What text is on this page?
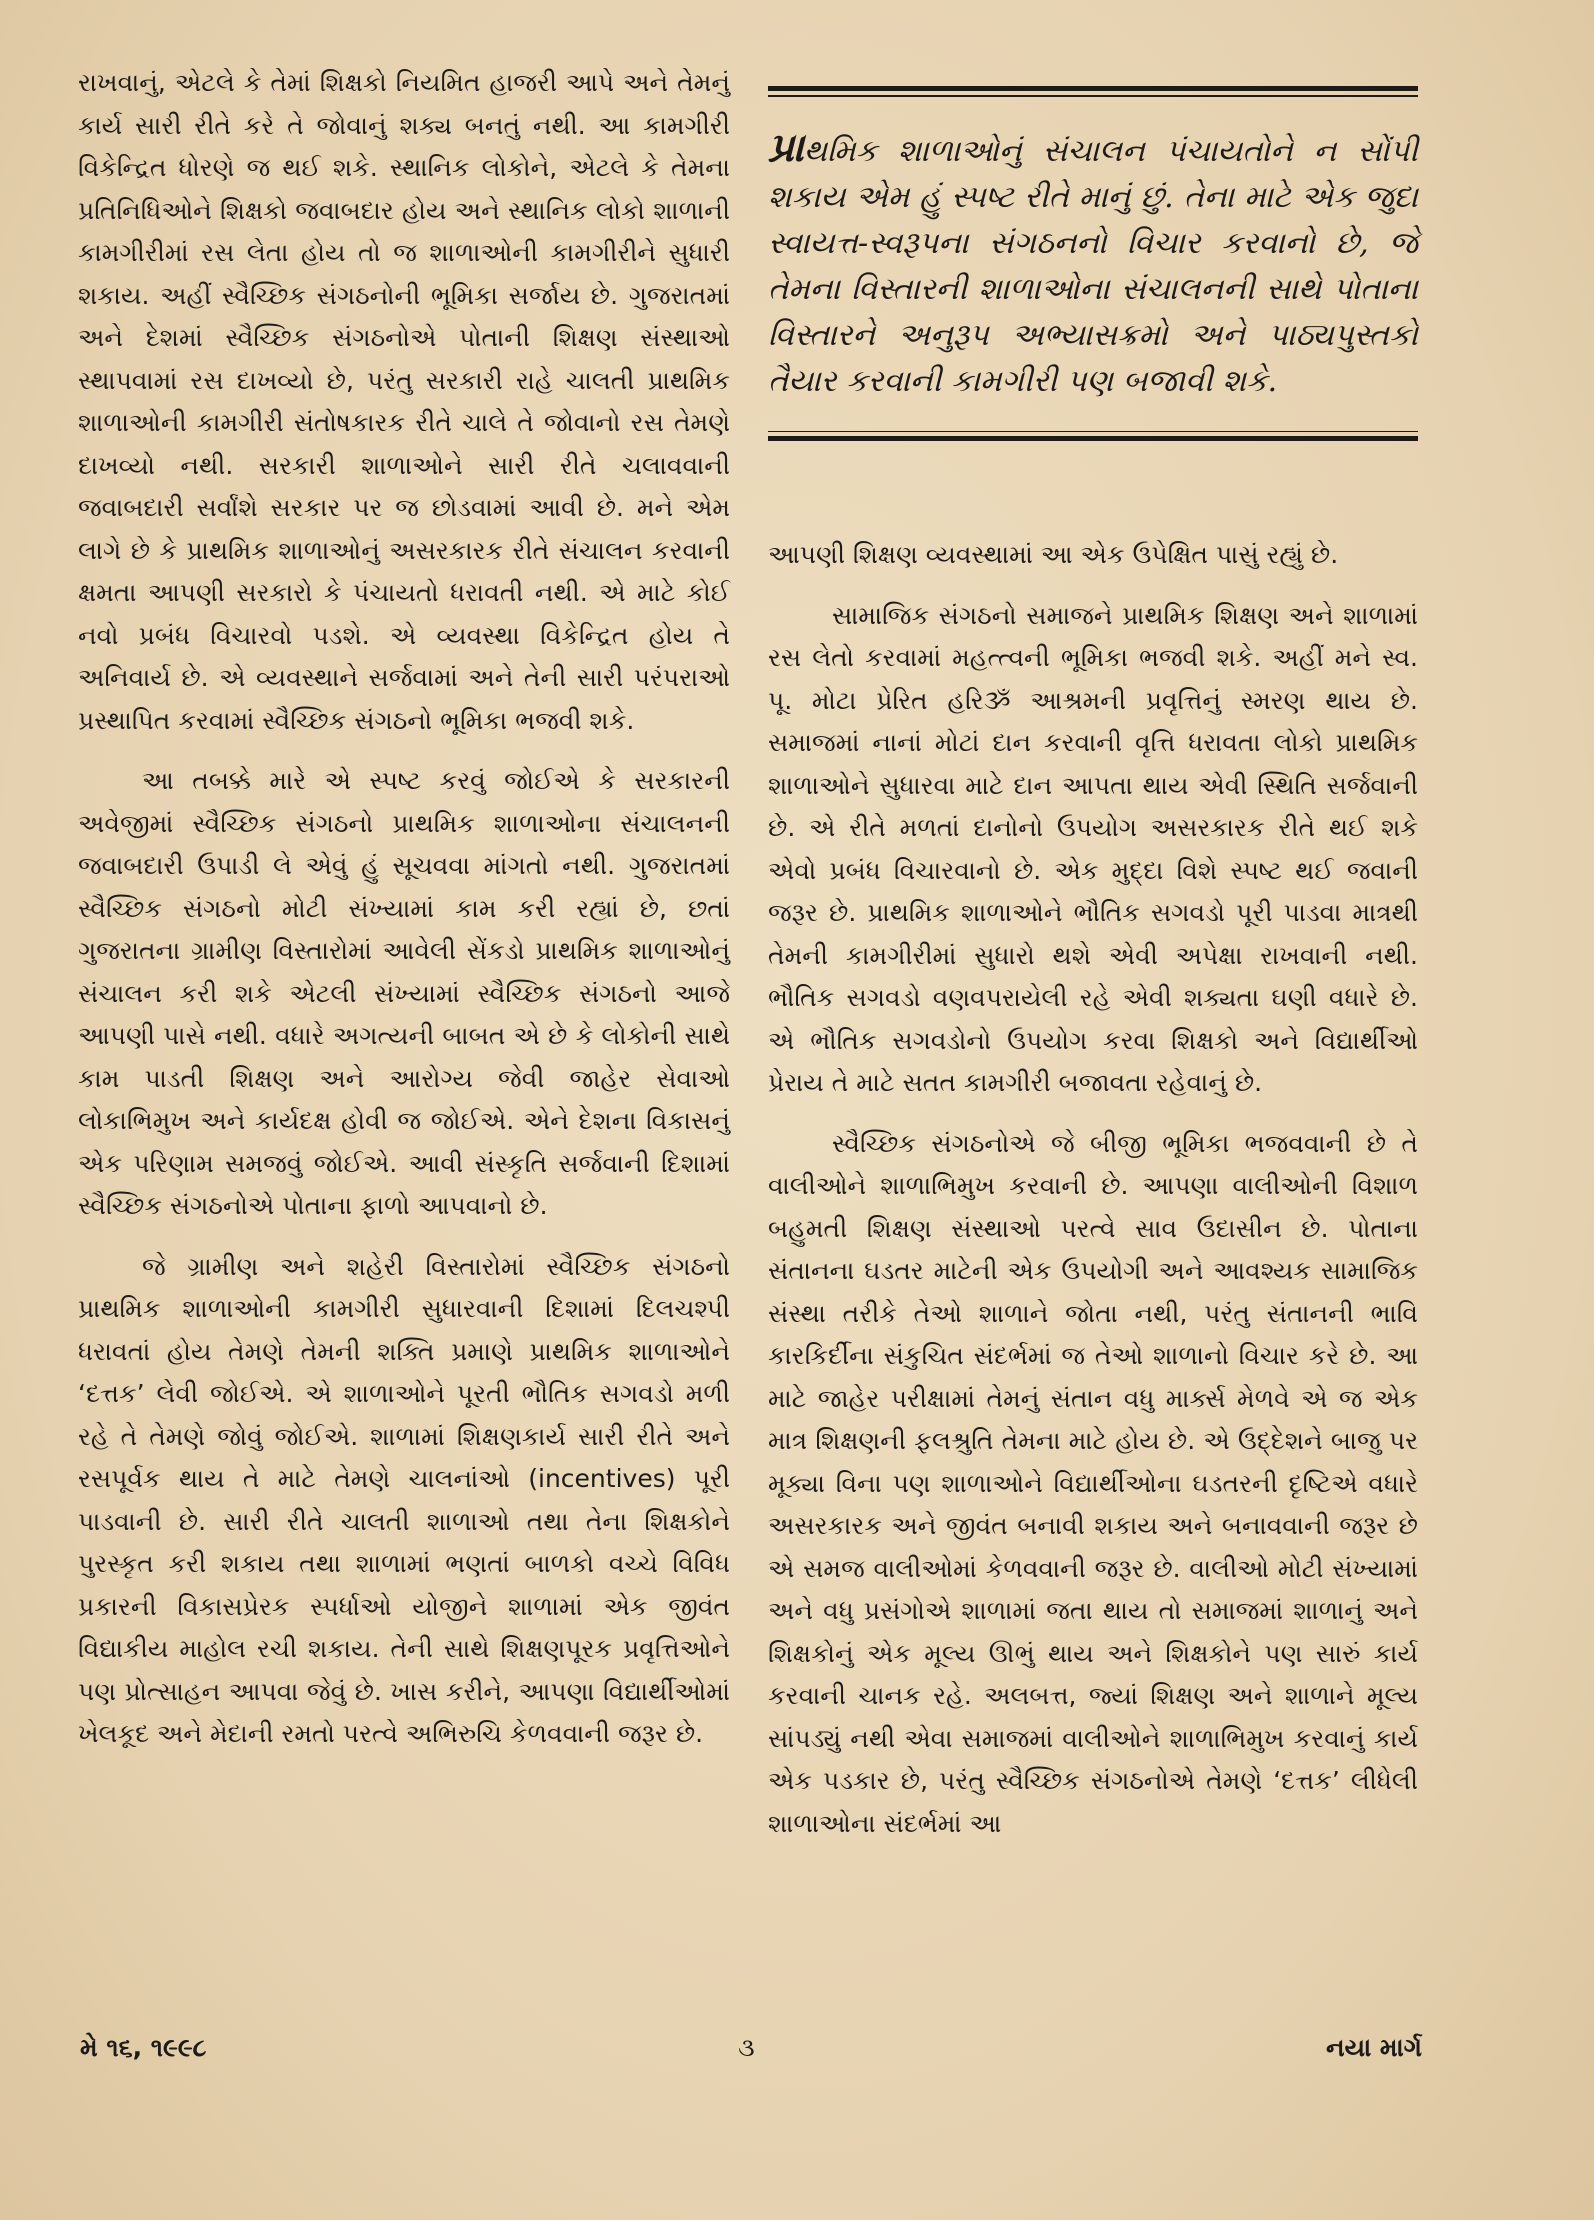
રાખવાનું, એટલે કે તેમાં શિક્ષકો નિયમિત હાજરી આપે અને તેમનું કાર્ય સારી રીતે કરે તે જોવાનું શક્ય બનતું નથી. આ કામગીરી વિકેન્દ્રિત ધોરણે જ થઈ શકે. સ્થાનિક લોકોને, એટલે કે તેમના પ્રતિનિધિઓને શિક્ષકો જવાબદાર હોય અને સ્થાનિક લોકો શાળાની કામગીરીમાં રસ લેતા હોય તો જ શાળાઓની કામગીરીને સુધારી શકાય. અહીં સ્વૈચ્છિક સંગઠનોની ભૂમિકા સર્જાય છે. ગુજરાતમાં અને દેશમાં સ્વૈચ્છિક સંગઠનોએ પોતાની શિક્ષણ સંસ્થાઓ સ્થાપવામાં રસ દાખવ્યો છે, પરંતુ સરકારી રાહે ચાલતી પ્રાથમિક શાળાઓની કામગીરી સંતોષકારક રીતે ચાલે તે જોવાનો રસ તેમણે દાખવ્યો નથી. સરકારી શાળાઓને સારી રીતે ચલાવવાની જવાબદારી સર્વાંશે સરકાર પર જ છોડવામાં આવી છે. મને એમ લાગે છે કે પ્રાથમિક શાળાઓનું અસરકારક રીતે સંચાલન કરવાની ક્ષમતા આપણી સરકારો કે પંચાયતો ધરાવતી નથી. એ માટે કોઈ નવો પ્રબંધ વિચારવો પડશે. એ વ્યવસ્થા વિકેન્દ્રિત હોય તે અનિવાર્ય છે. એ વ્યવસ્થાને સર્જવામાં અને તેની સારી પરંપરાઓ પ્રસ્થાપિત કરવામાં સ્વૈચ્છિક સંગઠનો ભૂમિકા ભજવી શકે.

આ તબક્કે મારે એ સ્પષ્ટ કરવું જોઈએ કે સરકારની અવેજીમાં સ્વૈચ્છિક સંગઠનો પ્રાથમિક શાળાઓના સંચાલનની જવાબદારી ઉપાડી લે એવું હું સૂચવવા માંગતો નથી. ગુજરાતમાં સ્વૈચ્છિક સંગઠનો મોટી સંખ્યામાં કામ કરી રહ્યાં છે, છતાં ગુજરાતના ગ્રામીણ વિસ્તારોમાં આવેલી સેંકડો પ્રાથમિક શાળાઓનું સંચાલન કરી શકે એટલી સંખ્યામાં સ્વૈચ્છિક સંગઠનો આજે આપણી પાસે નથી. વધારે અગત્યની બાબત એ છે કે લોકોની સાથે કામ પાડતી શિક્ષણ અને આરોગ્ય જેવી જાહેર સેવાઓ લોકાભિમુખ અને કાર્યદક્ષ હોવી જ જોઈએ. એને દેશના વિકાસનું એક પરિણામ સમજવું જોઈએ. આવી સંસ્કૃતિ સર્જવાની દિશામાં સ્વૈચ્છિક સંગઠનોએ પોતાના ફાળો આપવાનો છે.

જે ગ્રામીણ અને શહેરી વિસ્તારોમાં સ્વૈચ્છિક સંગઠનો પ્રાથમિક શાળાઓની કામગીરી સુધારવાની દિશામાં દિલચશ્પી ધરાવતાં હોય તેમણે તેમની શક્તિ પ્રમાણે પ્રાથમિક શાળાઓને ‘દત્તક’ લેવી જોઈએ. એ શાળાઓને પૂરતી ભૌતિક સગવડો મળી રહે તે તેમણે જોવું જોઈએ. શાળામાં શિક્ષણકાર્ય સારી રીતે અને રસપૂર્વક થાય તે માટે તેમણે ચાલનાંઓ (incentives) પૂરી પાડવાની છે. સારી રીતે ચાલતી શાળાઓ તથા તેના શિક્ષકોને પુરસ્કૃત કરી શકાય તથા શાળામાં ભણતાં બાળકો વચ્ચે વિવિધ પ્રકારની વિકાસપ્રેરક સ્પર્ધાઓ યોજીને શાળામાં એક જીવંત વિદ્યાકીય માહોલ રચી શકાય. તેની સાથે શિક્ષણપૂરક પ્રવૃત્તિઓને પણ પ્રોત્સાહન આપવા જેવું છે. ખાસ કરીને, આપણા વિદ્યાર્થીઓમાં ખેલકૂદ અને મેદાની રમતો પરત્વે અભિરુચિ કેળવવાની જરૂર છે.

પ્રાથમિક શાળાઓનું સંચાલન પંચાયતોને ન સોંપી શકાય એમ હું સ્પષ્ટ રીતે માનું છું. તેના માટે એક જુદા સ્વાયત્ત-સ્વરૂપના સંગઠનનો વિચાર કરવાનો છે, જે તેમના વિસ્તારની શાળાઓના સંચાલનની સાથે પોતાના વિસ્તારને અનુરૂપ અભ્યાસક્રમો અને પાઠ્યપુસ્તકો તૈયાર કરવાની કામગીરી પણ બજાવી શકે.

આપણી શિક્ષણ વ્યવસ્થામાં આ એક ઉપેક્ષિત પાસું રહ્યું છે.

સામાજિક સંગઠનો સમાજને પ્રાથમિક શિક્ષણ અને શાળામાં રસ લેતો કરવામાં મહત્ત્વની ભૂમિકા ભજવી શકે. અહીં મને સ્વ. પૂ. મોટા પ્રેરિત હરિૐ આશ્રમની પ્રવૃત્તિનું સ્મરણ થાય છે. સમાજમાં નાનાં મોટાં દાન કરવાની વૃત્તિ ધરાવતા લોકો પ્રાથમિક શાળાઓને સુધારવા માટે દાન આપતા થાય એવી સ્થિતિ સર્જવાની છે. એ રીતે મળતાં દાનોનો ઉપયોગ અસરકારક રીતે થઈ શકે એવો પ્રબંધ વિચારવાનો છે. એક મુદ્દા વિશે સ્પષ્ટ થઈ જવાની જરૂર છે. પ્રાથમિક શાળાઓને ભૌતિક સગવડો પૂરી પાડવા માત્રથી તેમની કામગીરીમાં સુધારો થશે એવી અપેક્ષા રાખવાની નથી. ભૌતિક સગવડો વણવપરાયેલી રહે એવી શક્યતા ઘણી વધારે છે. એ ભૌતિક સગવડોનો ઉપયોગ કરવા શિક્ષકો અને વિદ્યાર્થીઓ પ્રેરાય તે માટે સતત કામગીરી બજાવતા રહેવાનું છે.

સ્વૈચ્છિક સંગઠનોએ જે બીજી ભૂમિકા ભજવવાની છે તે વાલીઓને શાળાભિમુખ કરવાની છે. આપણા વાલીઓની વિશાળ બહુમતી શિક્ષણ સંસ્થાઓ પરત્વે સાવ ઉદાસીન છે. પોતાના સંતાનના ઘડતર માટેની એક ઉપયોગી અને આવશ્યક સામાજિક સંસ્થા તરીકે તેઓ શાળાને જોતા નથી, પરંતુ સંતાનની ભાવિ કારકિર્દીના સંકુચિત સંદર્ભમાં જ તેઓ શાળાનો વિચાર કરે છે. આ માટે જાહેર પરીક્ષામાં તેમનું સંતાન વધુ માર્ક્સ મેળવે એ જ એક માત્ર શિક્ષણની ફલશ્રુતિ તેમના માટે હોય છે. એ ઉદ્દેશને બાજુ પર મૂક્યા વિના પણ શાળાઓને વિદ્યાર્થીઓના ઘડતરની દૃષ્ટિએ વધારે અસરકારક અને જીવંત બનાવી શકાય અને બનાવવાની જરૂર છે એ સમજ વાલીઓમાં કેળવવાની જરૂર છે. વાલીઓ મોટી સંખ્યામાં અને વધુ પ્રસંગોએ શાળામાં જતા થાય તો સમાજમાં શાળાનું અને શિક્ષકોનું એક મૂલ્ય ઊભું થાય અને શિક્ષકોને પણ સારું કાર્ય કરવાની ચાનક રહે. અલબત્ત, જ્યાં શિક્ષણ અને શાળાને મૂલ્ય સાંપડ્યું નથી એવા સમાજમાં વાલીઓને શાળાભિમુખ કરવાનું કાર્ય એક પડકાર છે, પરંતુ સ્વૈચ્છિક સંગઠનોએ તેમણે ‘દત્તક’ લીધેલી શાળાઓના સંદર્ભમાં આ

મે ૧૬, ૧૯૯૮	૩	નયા માર્ગ
